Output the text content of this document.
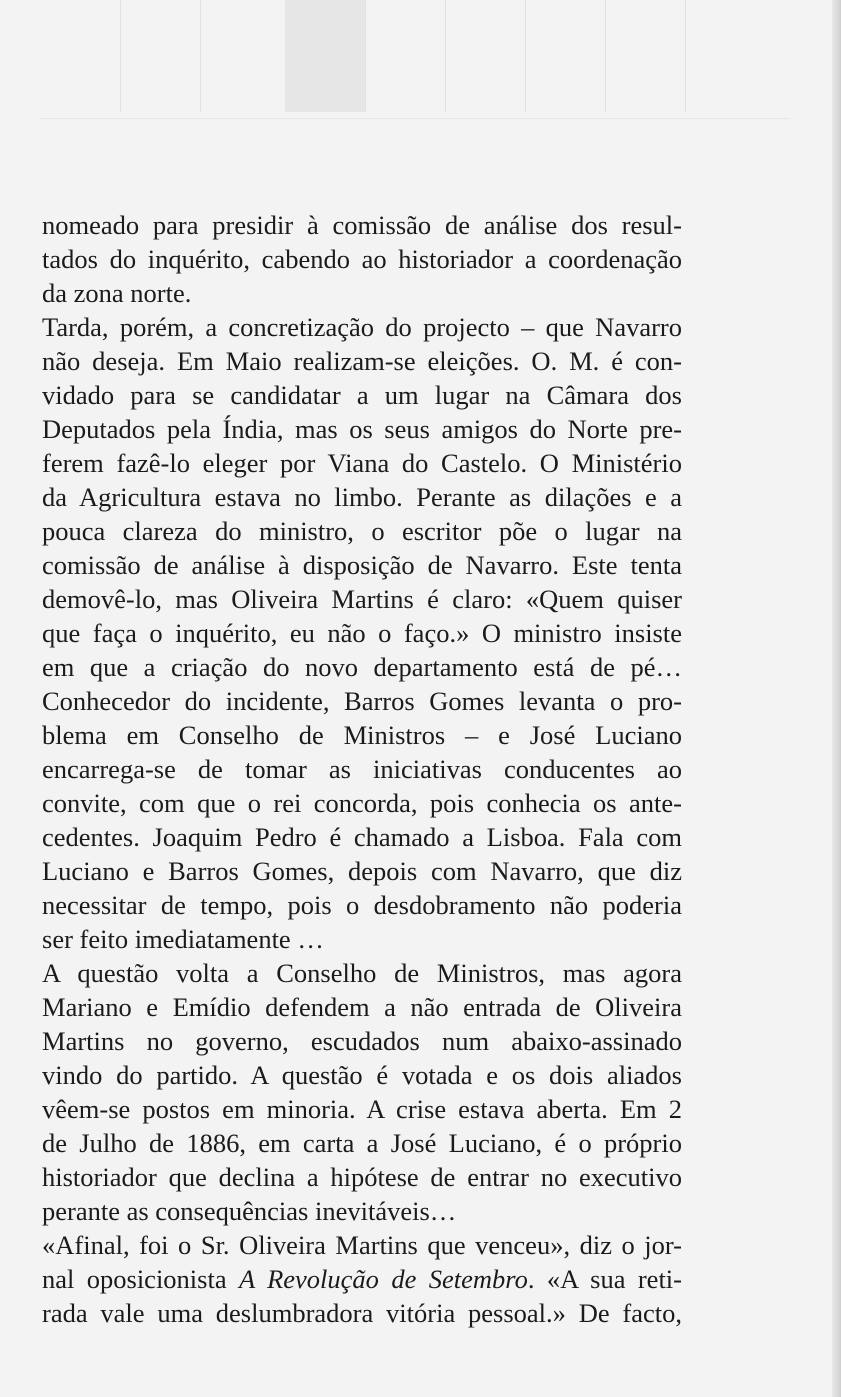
nomeado para presidir à comissão de análise dos resul-
tados do inquérito, cabendo ao historiador a coordenação
da zona norte.
Tarda, porém, a concretização do projecto – que Navarro
não deseja. Em Maio realizam-se eleições. O. M. é con-
vidado para se candidatar a um lugar na Câmara dos
Deputados pela Índia, mas os seus amigos do Norte pre-
ferem fazê-lo eleger por Viana do Castelo. O Ministério
da Agricultura estava no limbo. Perante as dilações e a
pouca clareza do ministro, o escritor põe o lugar na
comissão de análise à disposição de Navarro. Este tenta
demovê-lo, mas Oliveira Martins é claro: «Quem quiser
que faça o inquérito, eu não o faço.» O ministro insiste
em que a criação do novo departamento está de pé…
Conhecedor do incidente, Barros Gomes levanta o pro-
blema em Conselho de Ministros – e José Luciano
encarrega-se de tomar as iniciativas conducentes ao
convite, com que o rei concorda, pois conhecia os ante-
cedentes. Joaquim Pedro é chamado a Lisboa. Fala com
Luciano e Barros Gomes, depois com Navarro, que diz
necessitar de tempo, pois o desdobramento não poderia
ser feito imediatamente …
A questão volta a Conselho de Ministros, mas agora
Mariano e Emídio defendem a não entrada de Oliveira
Martins no governo, escudados num abaixo-assinado
vindo do partido. A questão é votada e os dois aliados
vêem-se postos em minoria. A crise estava aberta. Em 2
de Julho de 1886, em carta a José Luciano, é o próprio
historiador que declina a hipótese de entrar no executivo
perante as consequências inevitáveis…
«Afinal, foi o Sr. Oliveira Martins que venceu», diz o jor-
nal oposicionista A Revolução de Setembro. «A sua reti-
rada vale uma deslumbradora vitória pessoal.» De facto,
